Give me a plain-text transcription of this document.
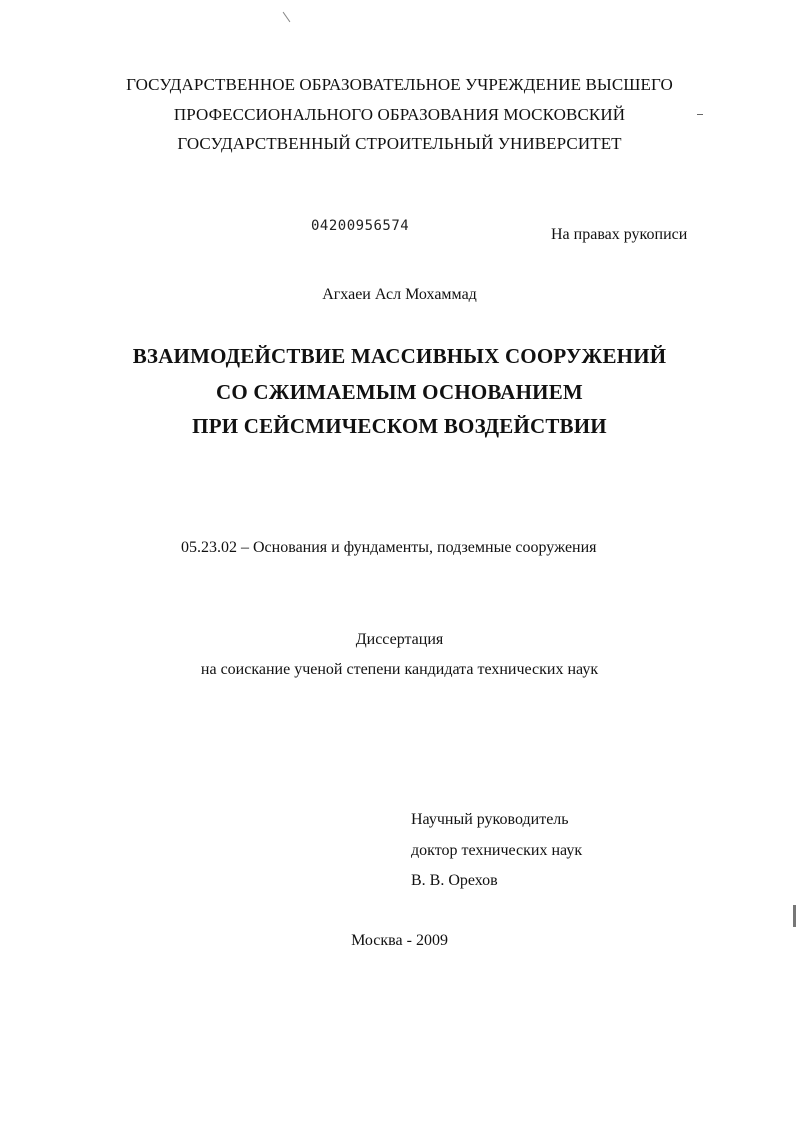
ГОСУДАРСТВЕННОЕ ОБРАЗОВАТЕЛЬНОЕ УЧРЕЖДЕНИЕ ВЫСШЕГО
ПРОФЕССИОНАЛЬНОГО ОБРАЗОВАНИЯ МОСКОВСКИЙ
ГОСУДАРСТВЕННЫЙ СТРОИТЕЛЬНЫЙ УНИВЕРСИТЕТ
04200956574	На правах рукописи
Агхаеи Асл Мохаммад
ВЗАИМОДЕЙСТВИЕ МАССИВНЫХ СООРУЖЕНИЙ
СО СЖИМАЕМЫМ ОСНОВАНИЕМ
ПРИ СЕЙСМИЧЕСКОМ ВОЗДЕЙСТВИИ
05.23.02 – Основания и фундаменты, подземные сооружения
Диссертация
на соискание ученой степени кандидата технических наук
Научный руководитель
доктор технических наук
В. В. Орехов
Москва - 2009
